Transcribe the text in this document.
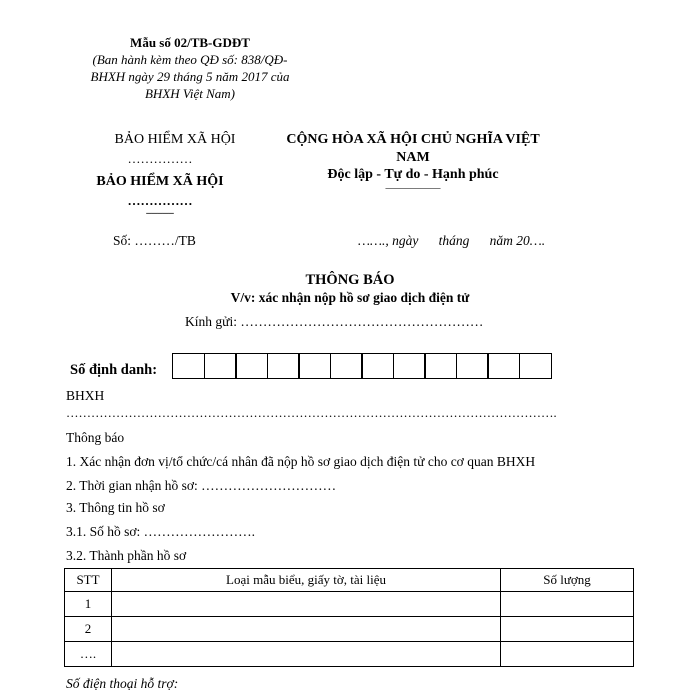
Mẫu số 02/TB-GDĐT
(Ban hành kèm theo QĐ số: 838/QĐ-
BHXH ngày 29 tháng 5 năm 2017 của
BHXH Việt Nam)
BẢO HIỂM XÃ HỘI
……………
BẢO HIỂM XÃ HỘI
……………
–––––
Số: ………/TB
CỘNG HÒA XÃ HỘI CHỦ NGHĨA VIỆT
NAM
Độc lập - Tự do - Hạnh phúc
–––––––––––
……., ngày      tháng      năm 20….
THÔNG BÁO
V/v: xác nhận nộp hồ sơ giao dịch điện tử
Kính gửi: ………………………………………………
Số định danh:
BHXH
……………………………………………………………………………………………………….
Thông báo
1. Xác nhận đơn vị/tổ chức/cá nhân đã nộp hồ sơ giao dịch điện tử cho cơ quan BHXH
2. Thời gian nhận hồ sơ: …………………………
3. Thông tin hồ sơ
3.1. Số hồ sơ: …………………….
3.2. Thành phần hồ sơ
STT	Loại mẫu biểu, giấy tờ, tài liệu	Số lượng
1		
2		
….		
Số điện thoại hỗ trợ:
